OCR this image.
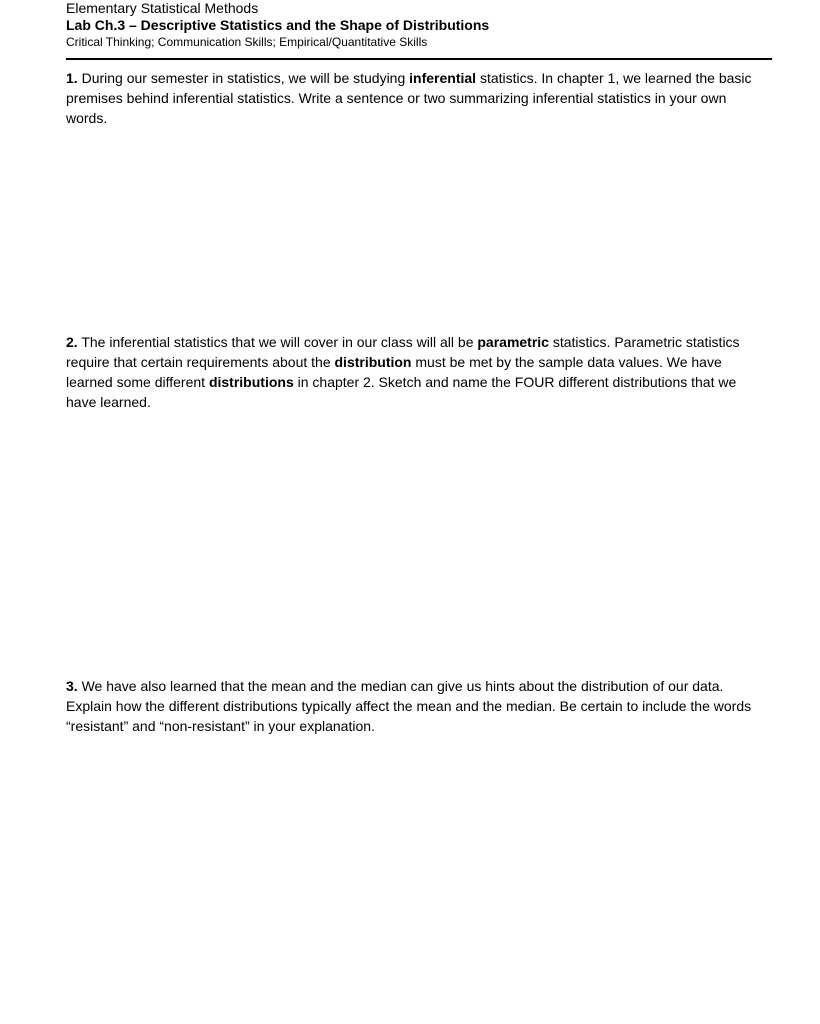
Elementary Statistical Methods
Lab Ch.3 – Descriptive Statistics and the Shape of Distributions
Critical Thinking; Communication Skills; Empirical/Quantitative Skills
1. During our semester in statistics, we will be studying inferential statistics. In chapter 1, we learned the basic premises behind inferential statistics. Write a sentence or two summarizing inferential statistics in your own words.
2. The inferential statistics that we will cover in our class will all be parametric statistics. Parametric statistics require that certain requirements about the distribution must be met by the sample data values. We have learned some different distributions in chapter 2. Sketch and name the FOUR different distributions that we have learned.
3. We have also learned that the mean and the median can give us hints about the distribution of our data. Explain how the different distributions typically affect the mean and the median. Be certain to include the words “resistant” and “non-resistant” in your explanation.
